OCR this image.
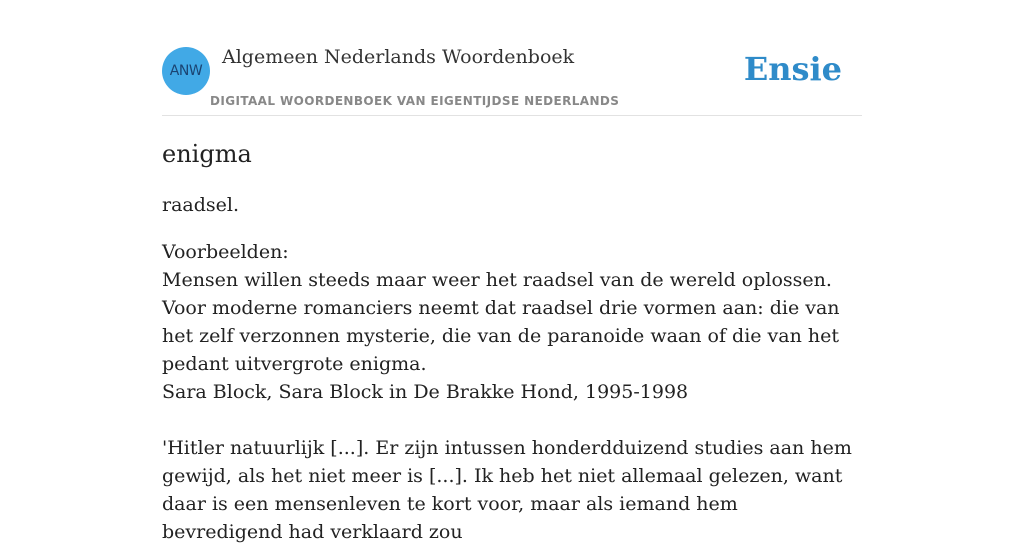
ANW
Algemeen Nederlands Woordenboek
DIGITAAL WOORDENBOEK VAN EIGENTIJDSE NEDERLANDS
Ensie
enigma

raadsel.

Voorbeelden:
Mensen willen steeds maar weer het raadsel van de wereld oplossen. Voor moderne romanciers neemt dat raadsel drie vormen aan: die van het zelf verzonnen mysterie, die van de paranoide waan of die van het pedant uitvergrote enigma.
Sara Block, Sara Block in De Brakke Hond, 1995-1998
'Hitler natuurlijk [...]. Er zijn intussen honderdduizend studies aan hem gewijd, als het niet meer is [...]. Ik heb het niet allemaal gelezen, want daar is een mensenleven te kort voor, maar als iemand hem bevredigend had verklaard zou
